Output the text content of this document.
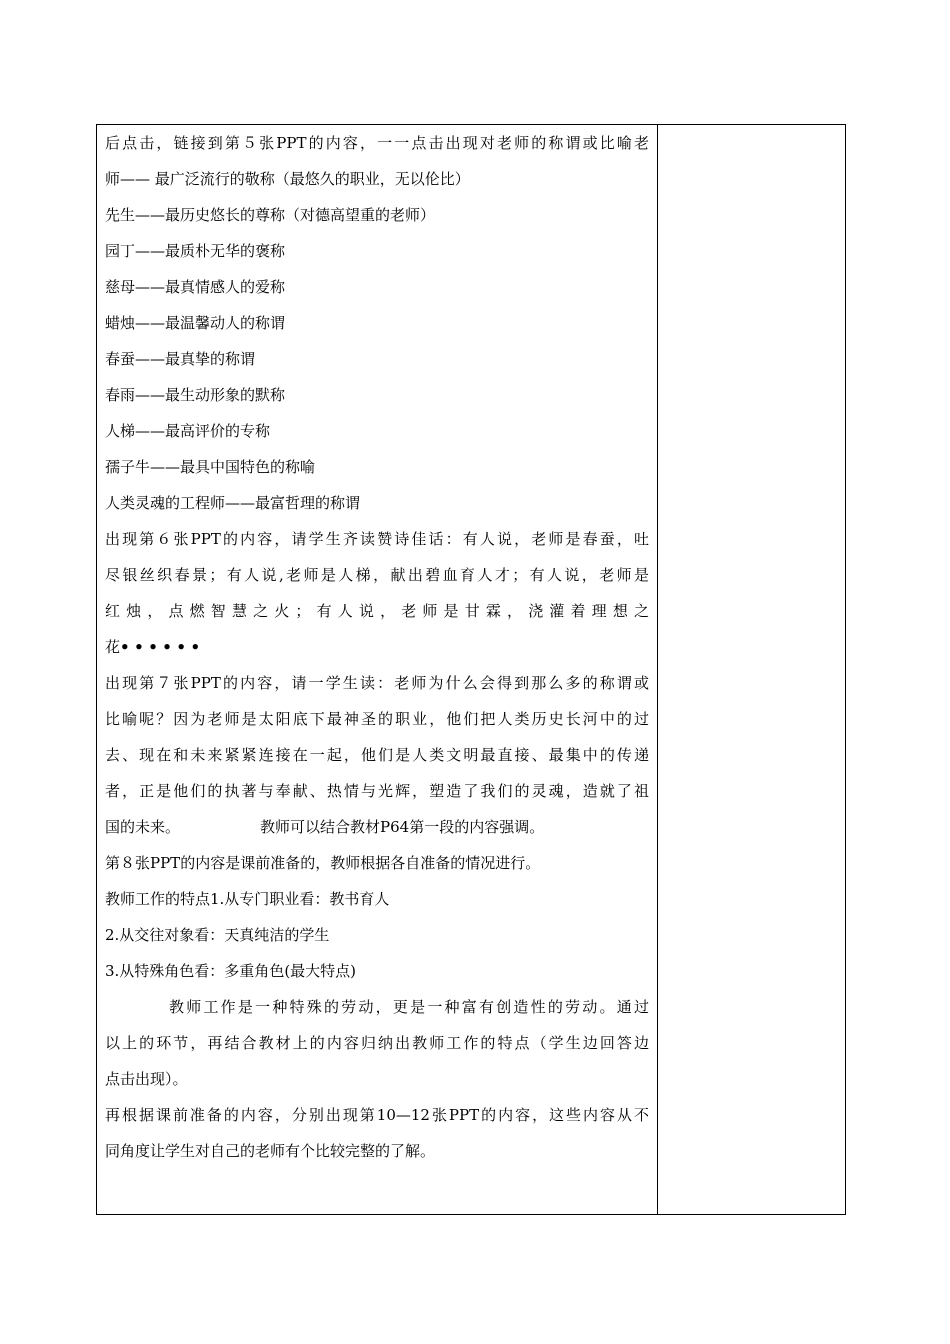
后点击，链接到第５张PPT的内容，一一点击出现对老师的称谓或比喻老
师—— 最广泛流行的敬称（最悠久的职业，无以伦比）
先生——最历史悠长的尊称（对德高望重的老师）
园丁——最质朴无华的褒称
慈母——最真情感人的爱称
蜡烛——最温馨动人的称谓
春蚕——最真挚的称谓
春雨——最生动形象的默称
人梯——最高评价的专称
孺子牛——最具中国特色的称喻
人类灵魂的工程师——最富哲理的称谓
出现第６张PPT的内容，请学生齐读赞诗佳话：有人说，老师是春蚕，吐
尽银丝织春景；有人说,老师是人梯，献出碧血育人才；有人说，老师是
红烛，点燃智慧之火；有人说，老师是甘霖，浇灌着理想之
花••••••
出现第７张PPT的内容，请一学生读：老师为什么会得到那么多的称谓或
比喻呢？因为老师是太阳底下最神圣的职业，他们把人类历史长河中的过
去、现在和未来紧紧连接在一起，他们是人类文明最直接、最集中的传递
者，正是他们的执著与奉献、热情与光辉，塑造了我们的灵魂，造就了祖
国的未来。	教师可以结合教材P64第一段的内容强调。
第８张PPT的内容是课前准备的，教师根据各自准备的情况进行。
教师工作的特点1.从专门职业看：教书育人
2.从交往对象看：天真纯洁的学生
3.从特殊角色看：多重角色(最大特点)
教师工作是一种特殊的劳动，更是一种富有创造性的劳动。通过
以上的环节，再结合教材上的内容归纳出教师工作的特点（学生边回答边
点击出现）。
再根据课前准备的内容，分别出现第10—12张PPT的内容，这些内容从不
同角度让学生对自己的老师有个比较完整的了解。
